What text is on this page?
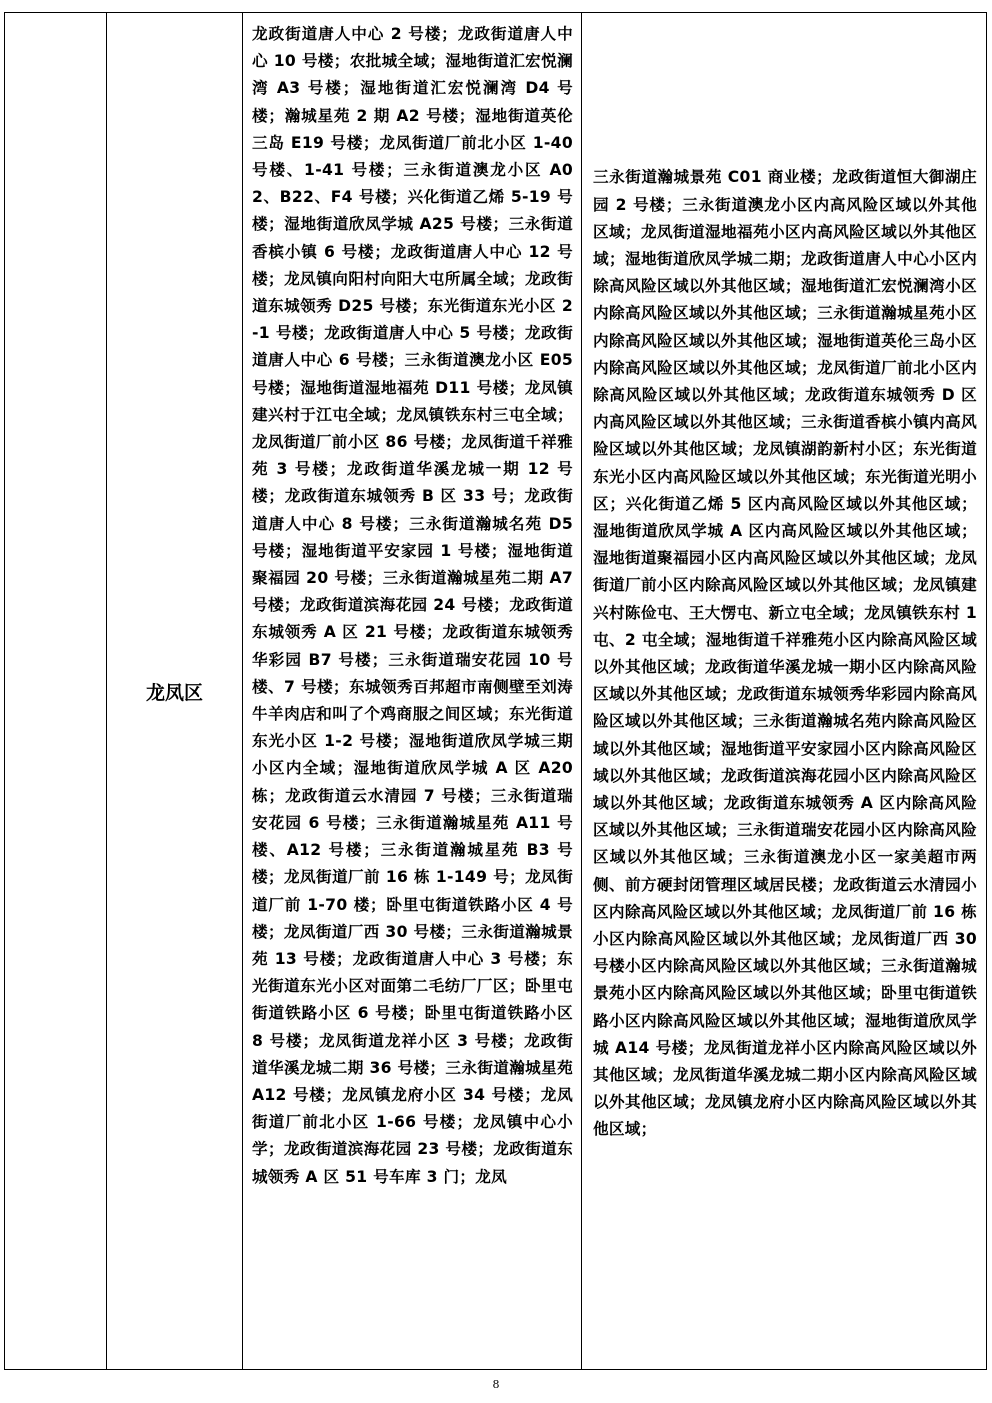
龙凤区
龙政街道唐人中心 2 号楼；龙政街道唐人中心 10 号楼；农批城全域；湿地街道汇宏悦澜湾 A3 号楼；湿地街道汇宏悦澜湾 D4 号楼；瀚城星苑 2 期 A2 号楼；湿地街道英伦三岛 E19 号楼；龙凤街道厂前北小区 1-40 号楼、1-41 号楼；三永街道澳龙小区 A02、B22、F4 号楼；兴化街道乙烯 5-19 号楼；湿地街道欣凤学城 A25 号楼；三永街道香槟小镇 6 号楼；龙政街道唐人中心 12 号楼；龙凤镇向阳村向阳大屯所属全域；龙政街道东城领秀 D25 号楼；东光街道东光小区 2-1 号楼；龙政街道唐人中心 5 号楼；龙政街道唐人中心 6 号楼；三永街道澳龙小区 E05 号楼；湿地街道湿地福苑 D11 号楼；龙凤镇建兴村于江屯全域；龙凤镇铁东村三屯全域；龙凤街道厂前小区 86 号楼；龙凤街道千祥雅苑 3 号楼；龙政街道华溪龙城一期 12 号楼；龙政街道东城领秀 B 区 33 号；龙政街道唐人中心 8 号楼；三永街道瀚城名苑 D5 号楼；湿地街道平安家园 1 号楼；湿地街道聚福园 20 号楼；三永街道瀚城星苑二期 A7 号楼；龙政街道滨海花园 24 号楼；龙政街道东城领秀 A 区 21 号楼；龙政街道东城领秀华彩园 B7 号楼；三永街道瑞安花园 10 号楼、7 号楼；东城领秀百邦超市南侧壁至刘涛牛羊肉店和叫了个鸡商服之间区域；东光街道东光小区 1-2 号楼；湿地街道欣凤学城三期小区内全域；湿地街道欣凤学城 A 区 A20 栋；龙政街道云水清园 7 号楼；三永街道瑞安花园 6 号楼；三永街道瀚城星苑 A11 号楼、A12 号楼；三永街道瀚城星苑 B3 号楼；龙凤街道厂前 16 栋 1-149 号；龙凤街道厂前 1-70 楼；卧里屯街道铁路小区 4 号楼；龙凤街道厂西 30 号楼；三永街道瀚城景苑 13 号楼；龙政街道唐人中心 3 号楼；东光街道东光小区对面第二毛纺厂厂区；卧里屯街道铁路小区 6 号楼；卧里屯街道铁路小区 8 号楼；龙凤街道龙祥小区 3 号楼；龙政街道华溪龙城二期 36 号楼；三永街道瀚城星苑 A12 号楼；龙凤镇龙府小区 34 号楼；龙凤街道厂前北小区 1-66 号楼；龙凤镇中心小学；龙政街道滨海花园 23 号楼；龙政街道东城领秀 A 区 51 号车库 3 门；龙凤
三永街道瀚城景苑 C01 商业楼；龙政街道恒大御湖庄园 2 号楼；三永街道澳龙小区内高风险区域以外其他区域；龙凤街道湿地福苑小区内高风险区域以外其他区域；湿地街道欣凤学城二期；龙政街道唐人中心小区内除高风险区域以外其他区域；湿地街道汇宏悦澜湾小区内除高风险区域以外其他区域；三永街道瀚城星苑小区内除高风险区域以外其他区域；湿地街道英伦三岛小区内除高风险区域以外其他区域；龙凤街道厂前北小区内除高风险区域以外其他区域；龙政街道东城领秀 D 区内高风险区域以外其他区域；三永街道香槟小镇内高风险区域以外其他区域；龙凤镇湖韵新村小区；东光街道东光小区内高风险区域以外其他区域；东光街道光明小区；兴化街道乙烯 5 区内高风险区域以外其他区域；湿地街道欣凤学城 A 区内高风险区域以外其他区域；湿地街道聚福园小区内高风险区域以外其他区域；龙凤街道厂前小区内除高风险区域以外其他区域；龙凤镇建兴村陈俭屯、王大愣屯、新立屯全域；龙凤镇铁东村 1 屯、2 屯全域；湿地街道千祥雅苑小区内除高风险区域以外其他区域；龙政街道华溪龙城一期小区内除高风险区域以外其他区域；龙政街道东城领秀华彩园内除高风险区域以外其他区域；三永街道瀚城名苑内除高风险区域以外其他区域；湿地街道平安家园小区内除高风险区域以外其他区域；龙政街道滨海花园小区内除高风险区域以外其他区域；龙政街道东城领秀 A 区内除高风险区域以外其他区域；三永街道瑞安花园小区内除高风险区域以外其他区域；三永街道澳龙小区一家美超市两侧、前方硬封闭管理区域居民楼；龙政街道云水清园小区内除高风险区域以外其他区域；龙凤街道厂前 16 栋小区内除高风险区域以外其他区域；龙凤街道厂西 30 号楼小区内除高风险区域以外其他区域；三永街道瀚城景苑小区内除高风险区域以外其他区域；卧里屯街道铁路小区内除高风险区域以外其他区域；湿地街道欣凤学城 A14 号楼；龙凤街道龙祥小区内除高风险区域以外其他区域；龙凤街道华溪龙城二期小区内除高风险区域以外其他区域；龙凤镇龙府小区内除高风险区域以外其他区域；
8
